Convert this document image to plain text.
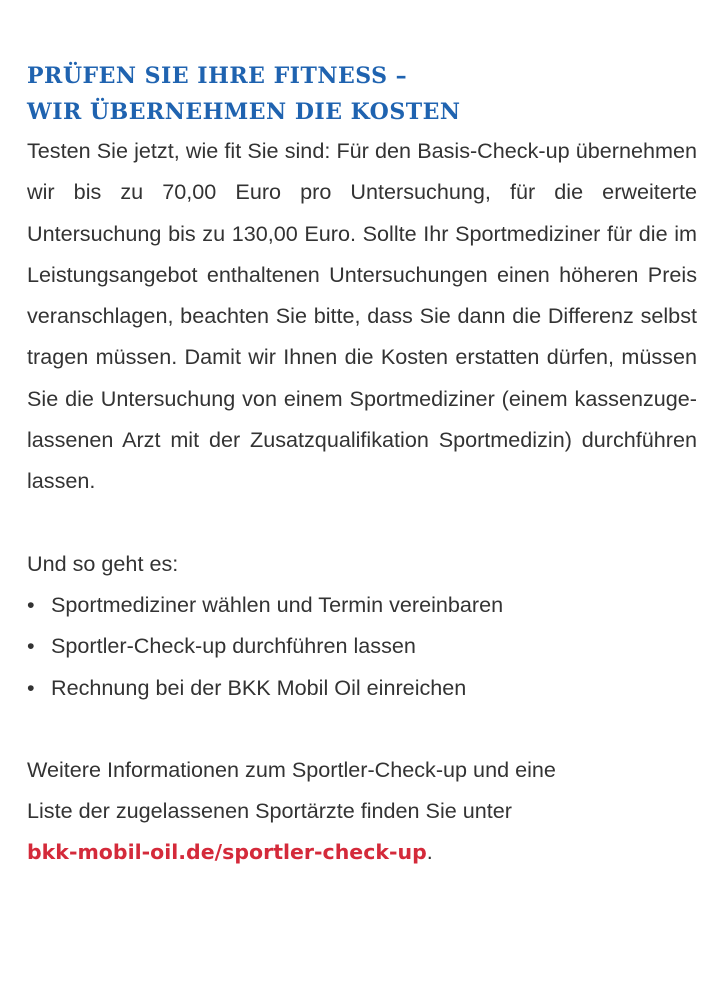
PRÜFEN SIE IHRE FITNESS –
WIR ÜBERNEHMEN DIE KOSTEN

Testen Sie jetzt, wie fit Sie sind: Für den Basis-Check-up übernehmen wir bis zu 70,00 Euro pro Untersuchung, für die erweiterte Untersuchung bis zu 130,00 Euro. Sollte Ihr Sportmediziner für die im Leistungsangebot enthaltenen Untersuchungen einen höheren Preis veranschlagen, beachten Sie bitte, dass Sie dann die Differenz selbst tragen müssen. Damit wir Ihnen die Kosten erstatten dürfen, müssen Sie die Untersuchung von einem Sportmediziner (einem kassenzugelassenen Arzt mit der Zusatzqualifikation Sportmedizin) durchführen lassen.

Und so geht es:
• Sportmediziner wählen und Termin vereinbaren
• Sportler-Check-up durchführen lassen
• Rechnung bei der BKK Mobil Oil einreichen
Weitere Informationen zum Sportler-Check-up und eine
Liste der zugelassenen Sportärzte finden Sie unter
bkk-mobil-oil.de/sportler-check-up.
